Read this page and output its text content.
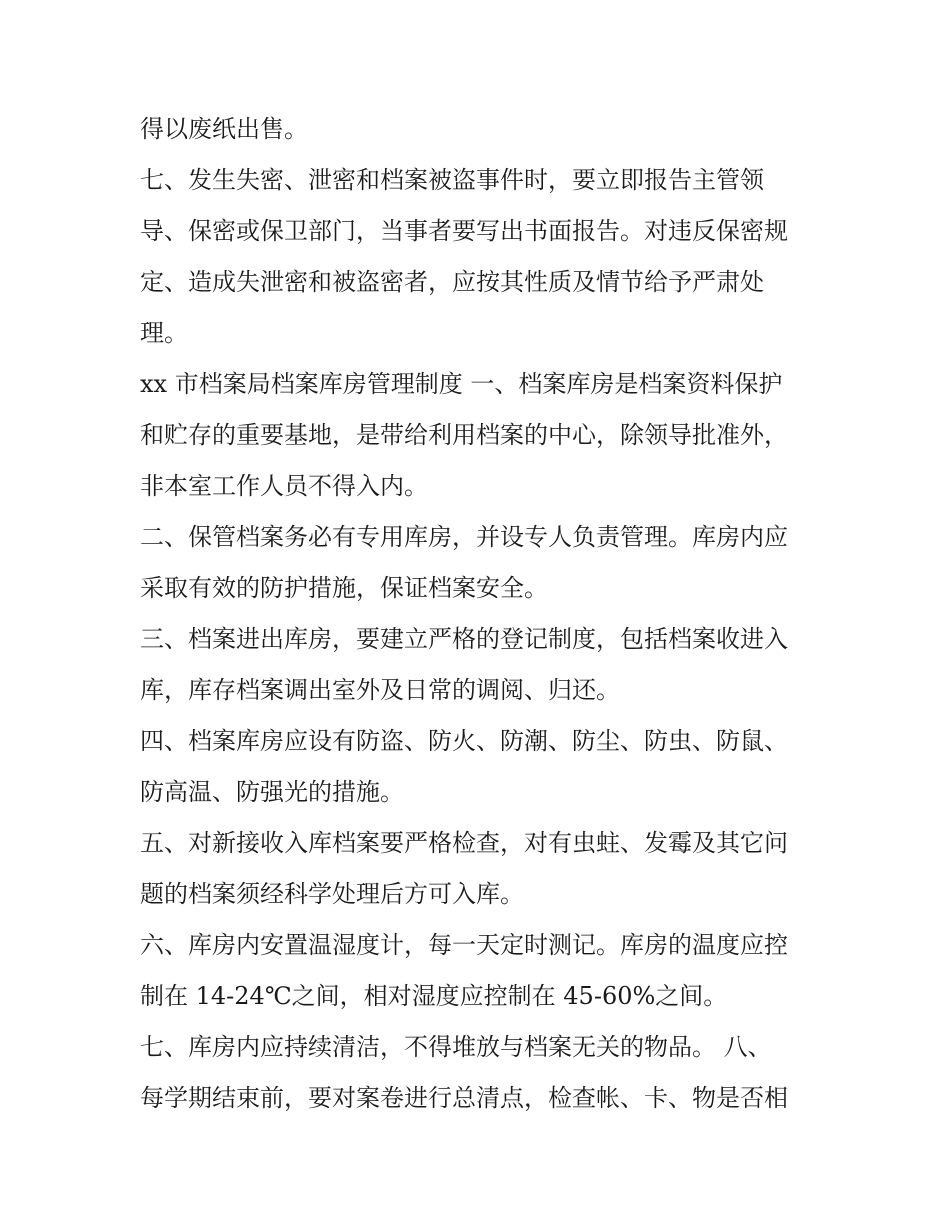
得以废纸出售。
七、发生失密、泄密和档案被盗事件时，要立即报告主管领
导、保密或保卫部门，当事者要写出书面报告。对违反保密规
定、造成失泄密和被盗密者，应按其性质及情节给予严肃处
理。
xx 市档案局档案库房管理制度 一、档案库房是档案资料保护
和贮存的重要基地，是带给利用档案的中心，除领导批准外，
非本室工作人员不得入内。
二、保管档案务必有专用库房，并设专人负责管理。库房内应
采取有效的防护措施，保证档案安全。
三、档案进出库房，要建立严格的登记制度，包括档案收进入
库，库存档案调出室外及日常的调阅、归还。
四、档案库房应设有防盗、防火、防潮、防尘、防虫、防鼠、
防高温、防强光的措施。
五、对新接收入库档案要严格检查，对有虫蛀、发霉及其它问
题的档案须经科学处理后方可入库。
六、库房内安置温湿度计，每一天定时测记。库房的温度应控
制在 14-24℃之间，相对湿度应控制在 45-60%之间。
七、库房内应持续清洁，不得堆放与档案无关的物品。 八、
每学期结束前，要对案卷进行总清点，检查帐、卡、物是否相
